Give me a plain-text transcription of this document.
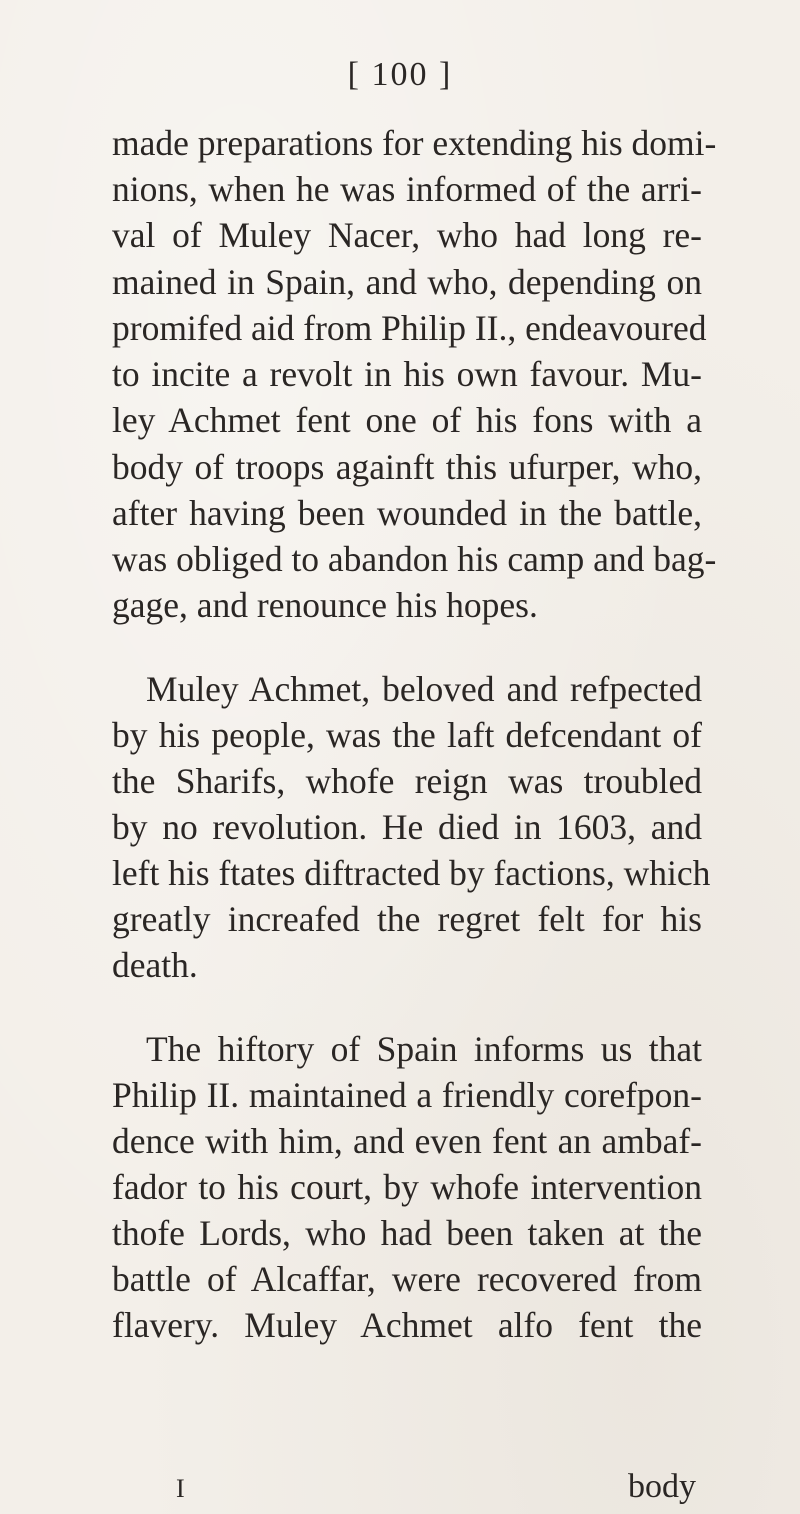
[ 100 ]
made preparations for extending his domi-
nions, when he was informed of the arri-
val of Muley Nacer, who had long re-
mained in Spain, and who, depending on
promifed aid from Philip II., endeavoured
to incite a revolt in his own favour. Mu-
ley Achmet fent one of his fons with a
body of troops againft this ufurper, who,
after having been wounded in the battle,
was obliged to abandon his camp and bag-
gage, and renounce his hopes.
Muley Achmet, beloved and refpected
by his people, was the laft defcendant of
the Sharifs, whofe reign was troubled
by no revolution. He died in 1603, and
left his ftates diftracted by factions, which
greatly increafed the regret felt for his
death.
The hiftory of Spain informs us that
Philip II. maintained a friendly corefpon-
dence with him, and even fent an ambaf-
fador to his court, by whofe intervention
thofe Lords, who had been taken at the
battle of Alcaffar, were recovered from
flavery. Muley Achmet alfo fent the
I	body
